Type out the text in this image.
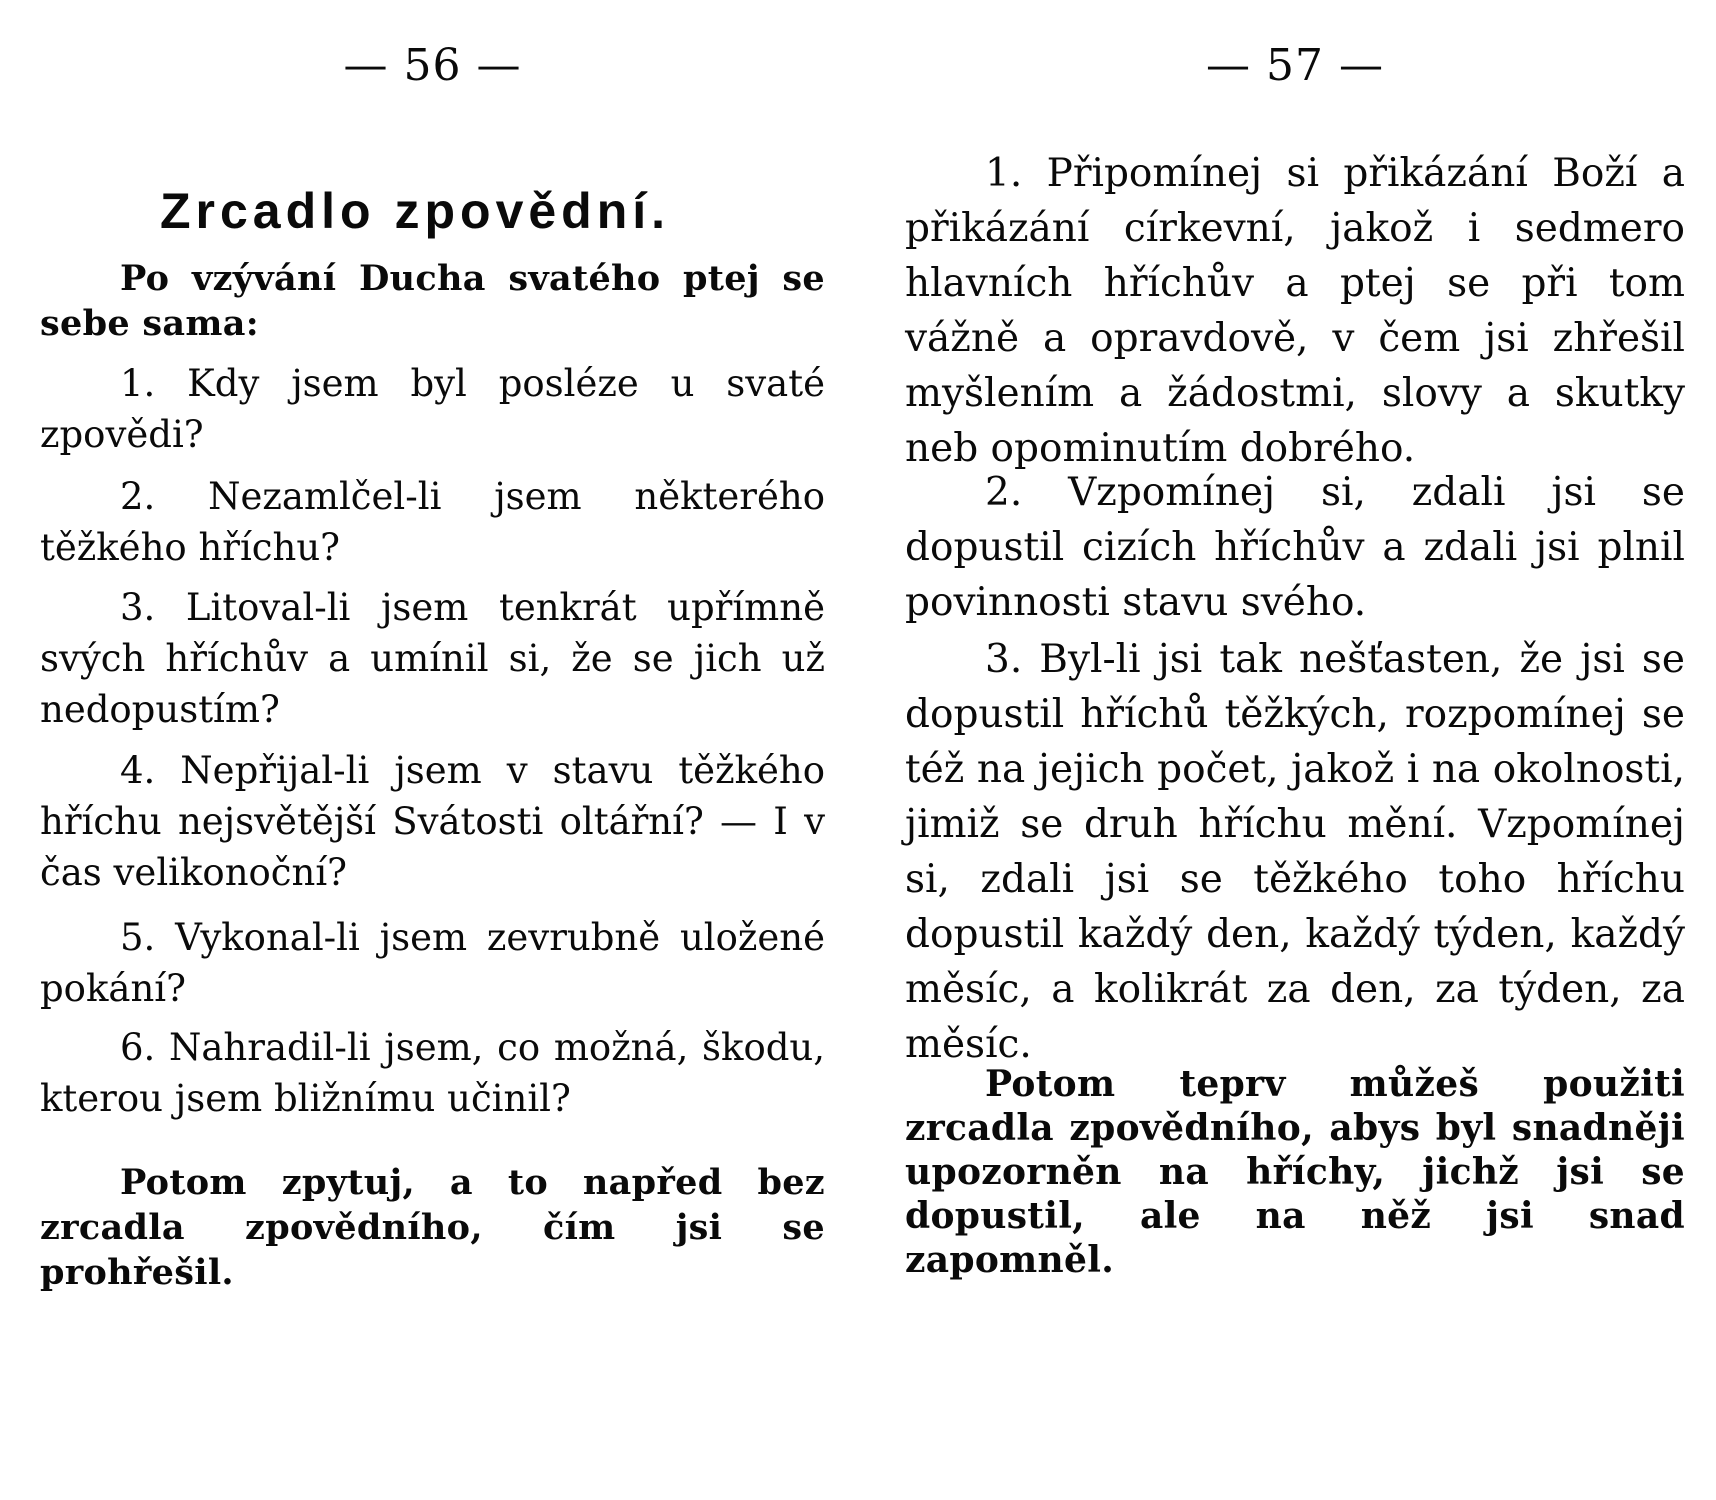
— 56 —
Zrcadlo zpovědní.

Po vzývání Ducha svatého ptej se sebe sama:

1. Kdy jsem byl posléze u svaté zpovědi?

2. Nezamlčel-li jsem některého těžkého hříchu?

3. Litoval-li jsem tenkrát upřímně svých hříchův a umínil si, že se jich už nedopustím?

4. Nepřijal-li jsem v stavu těžkého hříchu nejsvětější Svátosti oltářní? — I v čas velikonoční?

5. Vykonal-li jsem zevrubně uložené pokání?

6. Nahradil-li jsem, co možná, škodu, kterou jsem bližnímu učinil?

Potom zpytuj, a to napřed bez zrcadla zpovědního, čím jsi se prohřešil.

— 57 —

1. Připomínej si přikázání Boží a přikázání církevní, jakož i sedmero hlavních hříchův a ptej se při tom vážně a opravdově, v čem jsi zhřešil myšlením a žádostmi, slovy a skutky neb opominutím dobrého.

2. Vzpomínej si, zdali jsi se dopustil cizích hříchův a zdali jsi plnil povinnosti stavu svého.

3. Byl-li jsi tak nešťasten, že jsi se dopustil hříchů těžkých, rozpomínej se též na jejich počet, jakož i na okolnosti, jimiž se druh hříchu mění. Vzpomínej si, zdali jsi se těžkého toho hříchu dopustil každý den, každý týden, každý měsíc, a kolikrát za den, za týden, za měsíc.

Potom teprv můžeš použiti zrcadla zpovědního, abys byl snadněji upozorněn na hříchy, jichž jsi se dopustil, ale na něž jsi snad zapomněl.
